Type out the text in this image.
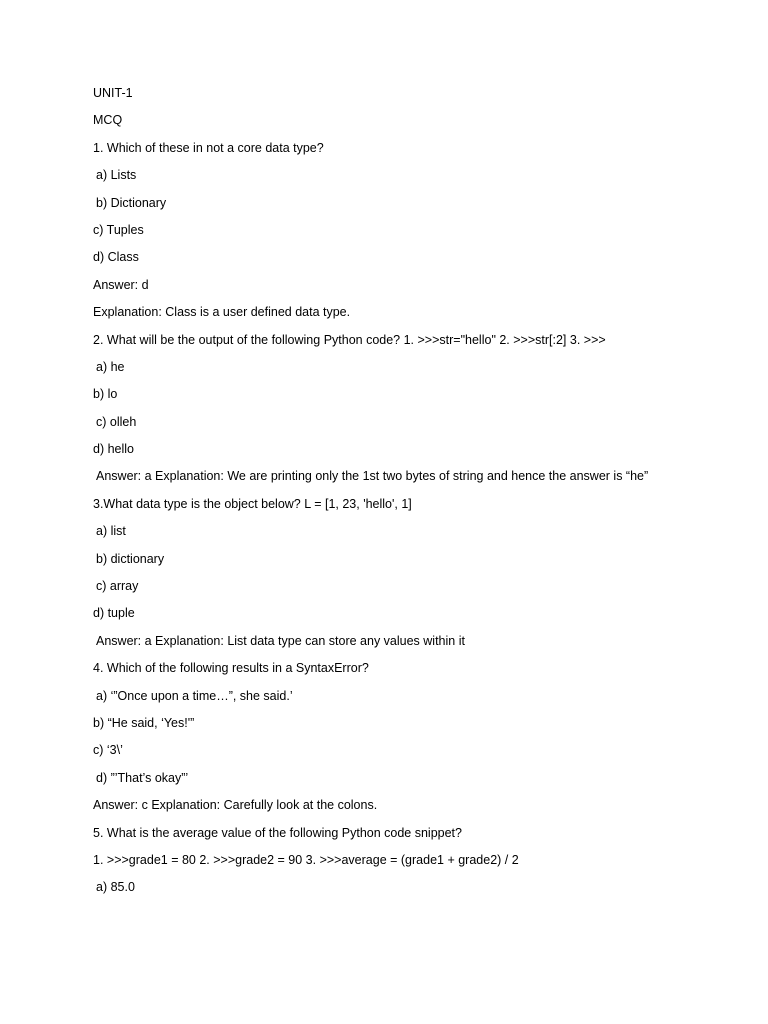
UNIT-1
MCQ
1. Which of these in not a core data type?
a) Lists
b) Dictionary
c) Tuples
d) Class
Answer: d
Explanation: Class is a user defined data type.
2. What will be the output of the following Python code? 1. >>>str="hello" 2. >>>str[:2] 3. >>>
a) he
b) lo
c) olleh
d) hello
Answer: a Explanation: We are printing only the 1st two bytes of string and hence the answer is “he”
3.What data type is the object below? L = [1, 23, 'hello', 1]
a) list
b) dictionary
c) array
d) tuple
Answer: a Explanation: List data type can store any values within it
4. Which of the following results in a SyntaxError?
a) ‘”Once upon a time…”, she said.’
b) “He said, ‘Yes!'”
c) ‘3\’
d) ”’That’s okay”’
Answer: c Explanation: Carefully look at the colons.
5. What is the average value of the following Python code snippet?
1. >>>grade1 = 80 2. >>>grade2 = 90 3. >>>average = (grade1 + grade2) / 2
a) 85.0
